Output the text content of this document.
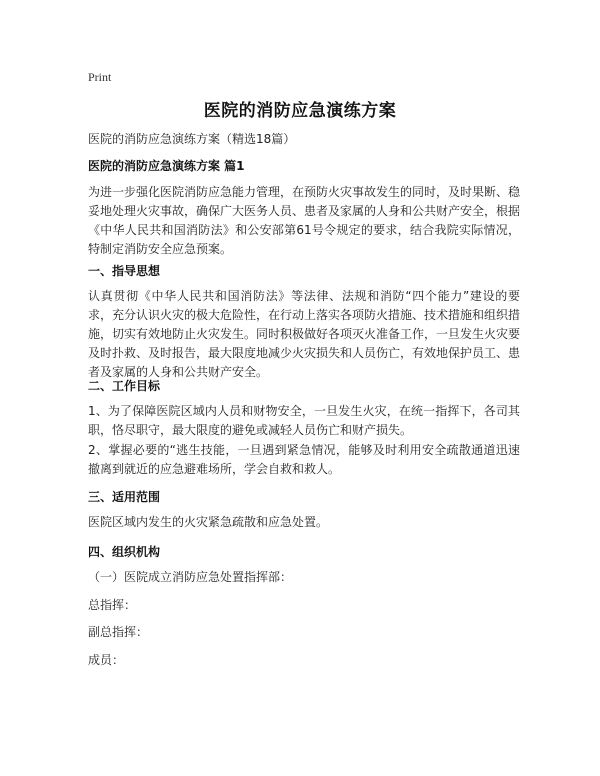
Print
医院的消防应急演练方案
医院的消防应急演练方案（精选18篇）
医院的消防应急演练方案 篇1
为进一步强化医院消防应急能力管理，在预防火灾事故发生的同时，及时果断、稳妥地处理火灾事故，确保广大医务人员、患者及家属的人身和公共财产安全，根据《中华人民共和国消防法》和公安部第61号令规定的要求，结合我院实际情况，特制定消防安全应急预案。
一、指导思想
认真贯彻《中华人民共和国消防法》等法律、法规和消防“四个能力”建设的要求，充分认识火灾的极大危险性，在行动上落实各项防火措施、技术措施和组织措施，切实有效地防止火灾发生。同时积极做好各项灭火准备工作，一旦发生火灾要及时扑救、及时报告，最大限度地减少火灾损失和人员伤亡，有效地保护员工、患者及家属的人身和公共财产安全。
二、工作目标
1、为了保障医院区域内人员和财物安全，一旦发生火灾，在统一指挥下，各司其职，恪尽职守，最大限度的避免或减轻人员伤亡和财产损失。
2、掌握必要的“逃生技能，一旦遇到紧急情况，能够及时利用安全疏散通道迅速撤离到就近的应急避难场所，学会自救和救人。
三、适用范围
医院区域内发生的火灾紧急疏散和应急处置。
四、组织机构
（一）医院成立消防应急处置指挥部：
总指挥：
副总指挥：
成员：
